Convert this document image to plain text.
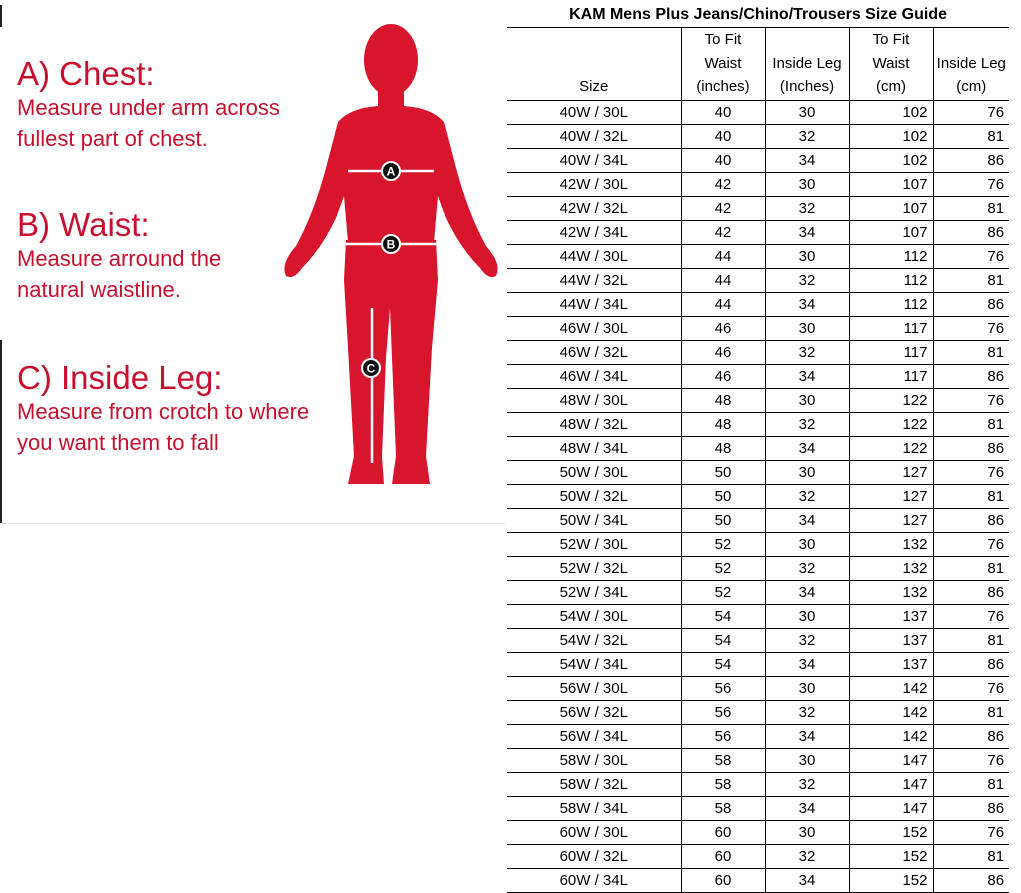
A) Chest:

Measure under arm across

fullest part of chest.

B) Waist:

Measure arround the

natural waistline.

C) Inside Leg:

Measure from crotch to where

you want them to fall

A
B
C
KAM Mens Plus Jeans/Chino/Trousers Size Guide				

Size	To Fit
Waist
(inches)	Inside Leg
(Inches)	To Fit
Waist
(cm)	Inside Leg
(cm)

40W / 30L	40	30	102	76
40W / 32L	40	32	102	81
40W / 34L	40	34	102	86
42W / 30L	42	30	107	76
42W / 32L	42	32	107	81
42W / 34L	42	34	107	86
44W / 30L	44	30	112	76
44W / 32L	44	32	112	81
44W / 34L	44	34	112	86
46W / 30L	46	30	117	76
46W / 32L	46	32	117	81
46W / 34L	46	34	117	86
48W / 30L	48	30	122	76
48W / 32L	48	32	122	81
48W / 34L	48	34	122	86
50W / 30L	50	30	127	76
50W / 32L	50	32	127	81
50W / 34L	50	34	127	86
52W / 30L	52	30	132	76
52W / 32L	52	32	132	81
52W / 34L	52	34	132	86
54W / 30L	54	30	137	76
54W / 32L	54	32	137	81
54W / 34L	54	34	137	86
56W / 30L	56	30	142	76
56W / 32L	56	32	142	81
56W / 34L	56	34	142	86
58W / 30L	58	30	147	76
58W / 32L	58	32	147	81
58W / 34L	58	34	147	86
60W / 30L	60	30	152	76
60W / 32L	60	32	152	81
60W / 34L	60	34	152	86
